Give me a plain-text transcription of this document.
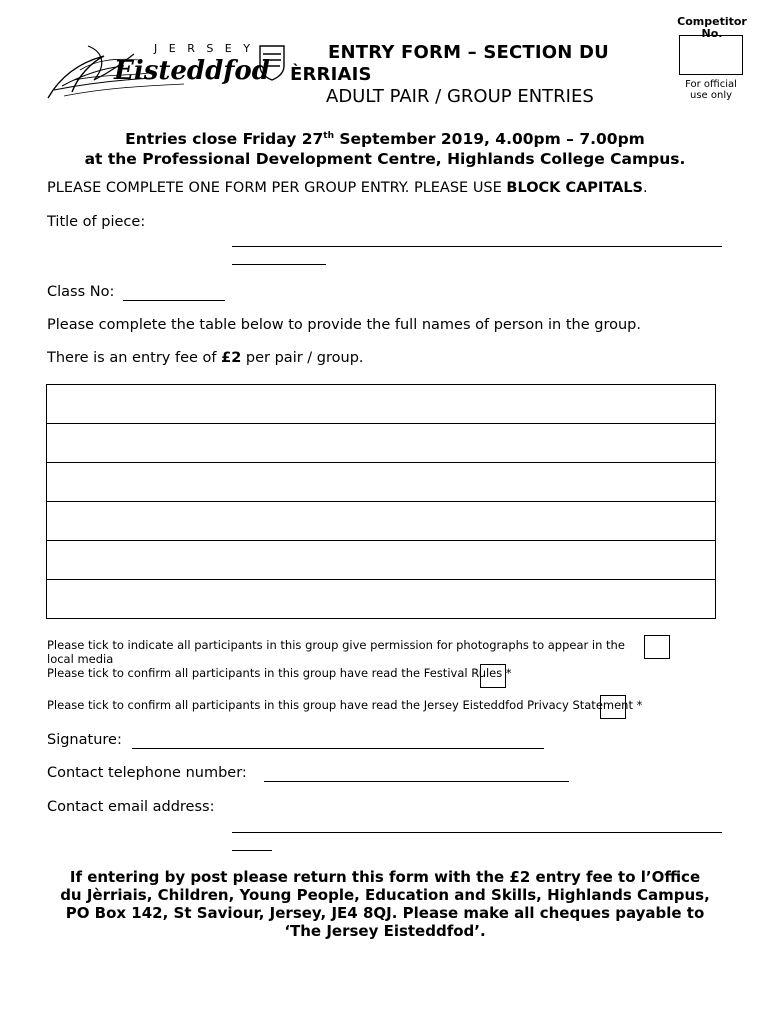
J E R S E Y
Eisteddfod
ENTRY FORM – SECTION DU
ÈRRIAIS
ADULT PAIR / GROUP ENTRIES
Competitor
No.
For official
use only
Entries close Friday 27th September 2019, 4.00pm – 7.00pm
at the Professional Development Centre, Highlands College Campus.
PLEASE COMPLETE ONE FORM PER GROUP ENTRY. PLEASE USE BLOCK CAPITALS.
Title of piece:
Class No:
Please complete the table below to provide the full names of person in the group.
There is an entry fee of £2 per pair / group.

Please tick to indicate all participants in this group give permission for photographs to appear in the
local media
Please tick to confirm all participants in this group have read the Festival Rules *
Please tick to confirm all participants in this group have read the Jersey Eisteddfod Privacy Statement *
Signature:
Contact telephone number:
Contact email address:
If entering by post please return this form with the £2 entry fee to l’Office
du Jèrriais, Children, Young People, Education and Skills, Highlands Campus,
PO Box 142, St Saviour, Jersey, JE4 8QJ. Please make all cheques payable to
‘The Jersey Eisteddfod’.
